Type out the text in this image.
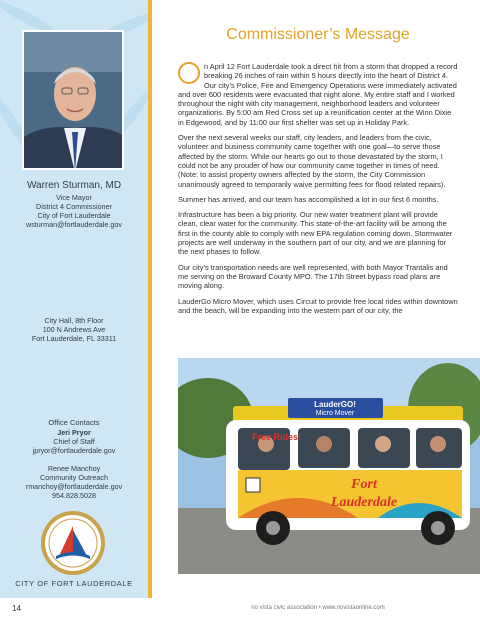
Warren Sturman, MD
Vice Mayor
District 4 Commissioner
City of Fort Lauderdale
wsturman@fortlauderdale.gov
City Hall, 8th Floor
100 N Andrews Ave
Fort Lauderdale, FL 33311
Office Contacts
Jeri Pryor
Chief of Staff
jpryor@fortlauderdale.gov
Renee Manchoy
Community Outreach
rmanchoy@fortlauderdale.gov
954.828.5028
CITY OF FORT LAUDERDALE
Commissioner’s Message

n April 12 Fort Lauderdale took a direct hit from a storm that dropped a record breaking 26 inches of rain within 5 hours directly into the heart of District 4. Our city’s Police, Fire and Emergency Operations were immediately activated and over 600 residents were evacuated that night alone. My entire staff and I worked throughout the night with city management, neighborhood leaders and volunteer organizations. By 5:00 am Red Cross set up a reunification center at the Winn Dixie in Edgewood, and by 11:00 our first shelter was set up in Holiday Park.

Over the next several weeks our staff, city leaders, and leaders from the civic, volunteer and business community came together with one goal—to serve those affected by the storm. While our hearts go out to those devastated by the storm, I could not be any prouder of how our community came together in times of need. (Note: to assist property owners affected by the storm, the City Commission unanimously agreed to temporarily waive permitting fees for flood related repairs).

Summer has arrived, and our team has accomplished a lot in our first 6 months.

Infrastructure has been a big priority. Our new water treatment plant will provide clean, clear water for the community. This state-of-the-art facility will be among the first in the county able to comply with new EPA regulation coming down. Stormwater projects are well underway in the southern part of our city, and we are planning for the next phases to follow.

Our city’s transportation needs are well represented, with both Mayor Trantalis and me serving on the Broward County MPO. The 17th Street bypass road plans are moving along.

LauderGo Micro Mover, which uses Circuit to provide free local rides within downtown and the beach, will be expanding into the western part of our city, the

LauderGO!
Micro Mover
Free Rides!
Fort
Lauderdale
14	rio vista civic association • www.riovistaonline.com
